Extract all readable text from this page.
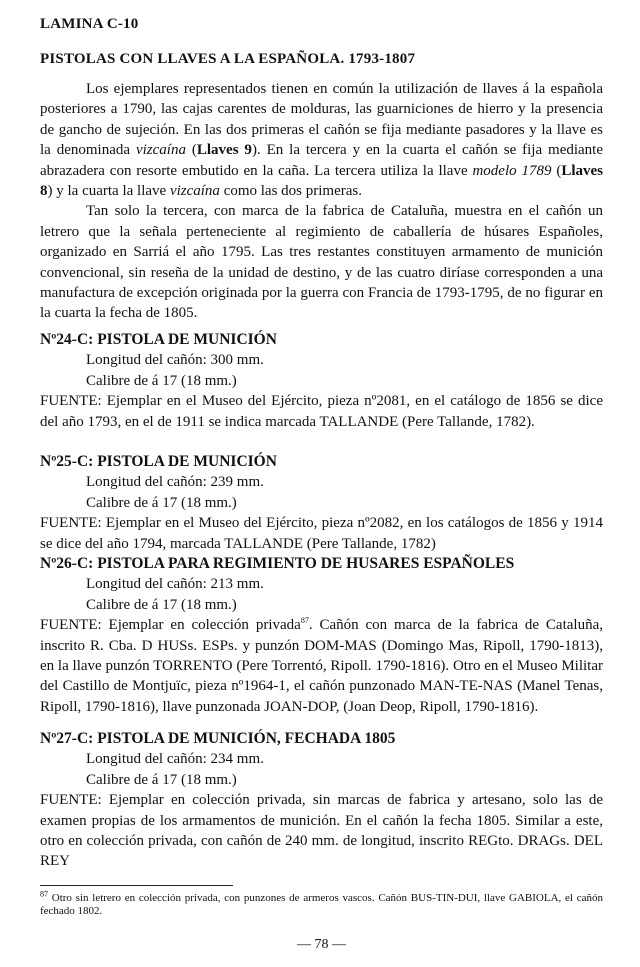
LAMINA C-10
PISTOLAS CON LLAVES A LA ESPAÑOLA. 1793-1807

Los ejemplares representados tienen en común la utilización de llaves á la española posteriores a 1790, las cajas carentes de molduras, las guarniciones de hierro y la presencia de gancho de sujeción. En las dos primeras el cañón se fija mediante pasadores y la llave es la denominada vizcaína (Llaves 9). En la tercera y en la cuarta el cañón se fija mediante abrazadera con resorte embutido en la caña. La tercera utiliza la llave modelo 1789 (Llaves 8) y la cuarta la llave vizcaína como las dos primeras.

Tan solo la tercera, con marca de la fabrica de Cataluña, muestra en el cañón un letrero que la señala perteneciente al regimiento de caballería de húsares Españoles, organizado en Sarriá el año 1795. Las tres restantes constituyen armamento de munición convencional, sin reseña de la unidad de destino, y de las cuatro diríase corresponden a una manufactura de excepción originada por la guerra con Francia de 1793-1795, de no figurar en la cuarta la fecha de 1805.

Nº24-C: PISTOLA DE MUNICIÓN
Longitud del cañón: 300 mm.
Calibre de á 17 (18 mm.)
FUENTE: Ejemplar en el Museo del Ejército, pieza nº2081, en el catálogo de 1856 se dice del año 1793, en el de 1911 se indica marcada TALLANDE (Pere Tallande, 1782).
Nº25-C: PISTOLA DE MUNICIÓN
Longitud del cañón: 239 mm.
Calibre de á 17 (18 mm.)
FUENTE: Ejemplar en el Museo del Ejército, pieza nº2082, en los catálogos de 1856 y 1914 se dice del año 1794, marcada TALLANDE (Pere Tallande, 1782)
Nº26-C: PISTOLA PARA REGIMIENTO DE HUSARES ESPAÑOLES
Longitud del cañón: 213 mm.
Calibre de á 17 (18 mm.)
FUENTE: Ejemplar en colección privada$^{87}$. Cañón con marca de la fabrica de Cataluña, inscrito R. Cba. D HUSs. ESPs. y punzón DOM-MAS (Domingo Mas, Ripoll, 1790-1813), en la llave punzón TORRENTO (Pere Torrentó, Ripoll. 1790-1816). Otro en el Museo Militar del Castillo de Montjuïc, pieza nº1964-1, el cañón punzonado MAN-TE-NAS (Manel Tenas, Ripoll, 1790-1816), llave punzonada JOAN-DOP, (Joan Deop, Ripoll, 1790-1816).
Nº27-C: PISTOLA DE MUNICIÓN, FECHADA 1805
Longitud del cañón: 234 mm.
Calibre de á 17 (18 mm.)
FUENTE: Ejemplar en colección privada, sin marcas de fabrica y artesano, solo las de examen propias de los armamentos de munición. En el cañón la fecha 1805. Similar a este, otro en colección privada, con cañón de 240 mm. de longitud, inscrito REGto. DRAGs. DEL REY
$^{87}$ Otro sin letrero en colección privada, con punzones de armeros vascos. Cañón BUS-TIN-DUI, llave GABIOLA, el cañón fechado 1802.
— 78 —
